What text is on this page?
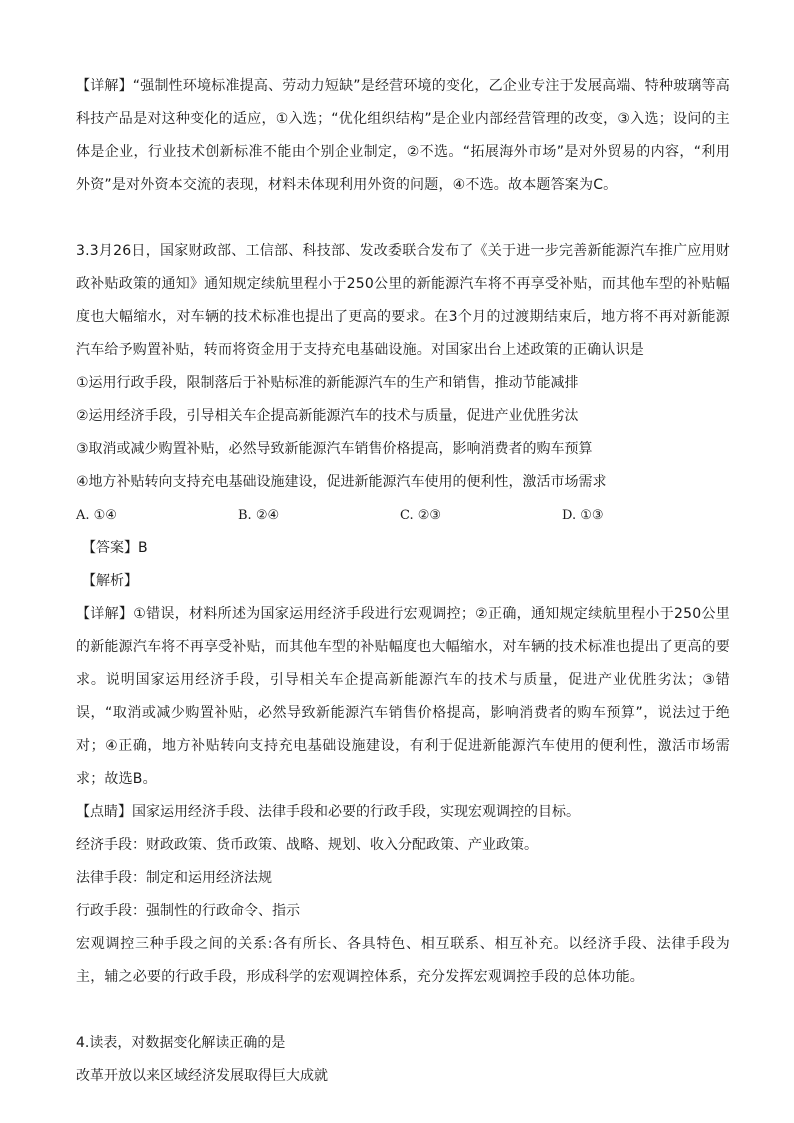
【详解】“强制性环境标准提高、劳动力短缺”是经营环境的变化，乙企业专注于发展高端、特种玻璃等高科技产品是对这种变化的适应，①入选；“优化组织结构”是企业内部经营管理的改变，③入选；设问的主体是企业，行业技术创新标准不能由个别企业制定，②不选。“拓展海外市场”是对外贸易的内容，“利用外资”是对外资本交流的表现，材料未体现利用外资的问题，④不选。故本题答案为C。

3.3月26日，国家财政部、工信部、科技部、发改委联合发布了《关于进一步完善新能源汽车推广应用财政补贴政策的通知》通知规定续航里程小于250公里的新能源汽车将不再享受补贴，而其他车型的补贴幅度也大幅缩水，对车辆的技术标准也提出了更高的要求。在3个月的过渡期结束后，地方将不再对新能源汽车给予购置补贴，转而将资金用于支持充电基础设施。对国家出台上述政策的正确认识是

①运用行政手段，限制落后于补贴标准的新能源汽车的生产和销售，推动节能减排

②运用经济手段，引导相关车企提高新能源汽车的技术与质量，促进产业优胜劣汰

③取消或减少购置补贴，必然导致新能源汽车销售价格提高，影响消费者的购车预算

④地方补贴转向支持充电基础设施建设，促进新能源汽车使用的便利性，激活市场需求

A. ①④	B. ②④	C. ②③	D. ①③

【答案】B

【解析】

【详解】①错误，材料所述为国家运用经济手段进行宏观调控；②正确，通知规定续航里程小于250公里的新能源汽车将不再享受补贴，而其他车型的补贴幅度也大幅缩水，对车辆的技术标准也提出了更高的要求。说明国家运用经济手段，引导相关车企提高新能源汽车的技术与质量，促进产业优胜劣汰；③错误，“取消或减少购置补贴，必然导致新能源汽车销售价格提高，影响消费者的购车预算”，说法过于绝对；④正确，地方补贴转向支持充电基础设施建设，有利于促进新能源汽车使用的便利性，激活市场需求；故选B。

【点睛】国家运用经济手段、法律手段和必要的行政手段，实现宏观调控的目标。

经济手段：财政政策、货币政策、战略、规划、收入分配政策、产业政策。

法律手段：制定和运用经济法规

行政手段：强制性的行政命令、指示

宏观调控三种手段之间的关系:各有所长、各具特色、相互联系、相互补充。以经济手段、法律手段为主，辅之必要的行政手段，形成科学的宏观调控体系，充分发挥宏观调控手段的总体功能。

4.读表，对数据变化解读正确的是

改革开放以来区域经济发展取得巨大成就
